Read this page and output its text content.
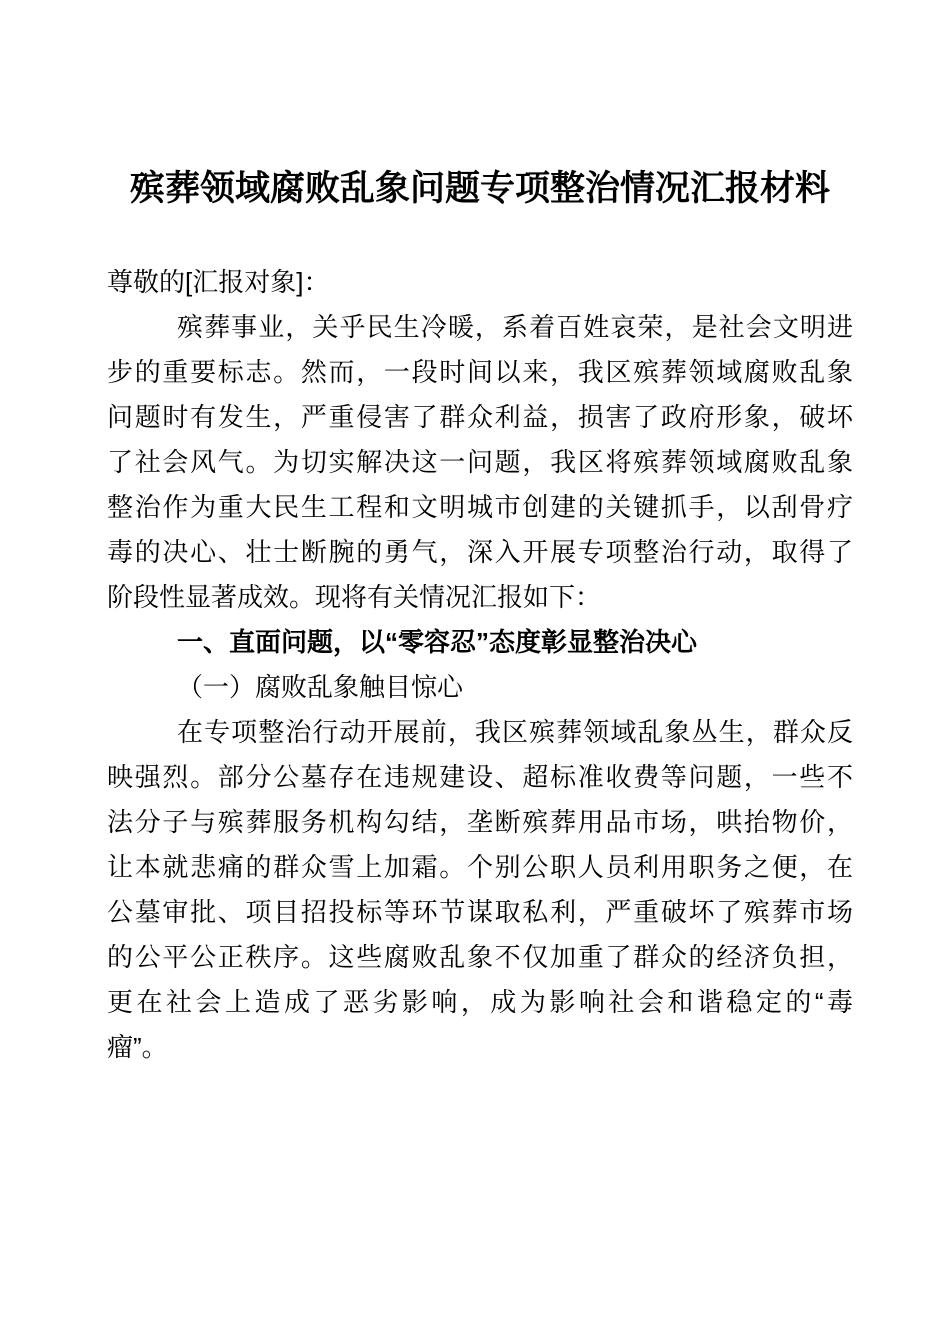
殡葬领域腐败乱象问题专项整治情况汇报材料
尊敬的[汇报对象]：
殡葬事业，关乎民生冷暖，系着百姓哀荣，是社会文明进
步的重要标志。然而，一段时间以来，我区殡葬领域腐败乱象
问题时有发生，严重侵害了群众利益，损害了政府形象，破坏
了社会风气。为切实解决这一问题，我区将殡葬领域腐败乱象
整治作为重大民生工程和文明城市创建的关键抓手，以刮骨疗
毒的决心、壮士断腕的勇气，深入开展专项整治行动，取得了
阶段性显著成效。现将有关情况汇报如下：
一、直面问题，以“零容忍”态度彰显整治决心
（一）腐败乱象触目惊心
在专项整治行动开展前，我区殡葬领域乱象丛生，群众反
映强烈。部分公墓存在违规建设、超标准收费等问题，一些不
法分子与殡葬服务机构勾结，垄断殡葬用品市场，哄抬物价，
让本就悲痛的群众雪上加霜。个别公职人员利用职务之便，在
公墓审批、项目招投标等环节谋取私利，严重破坏了殡葬市场
的公平公正秩序。这些腐败乱象不仅加重了群众的经济负担，
更在社会上造成了恶劣影响，成为影响社会和谐稳定的“毒
瘤”。
